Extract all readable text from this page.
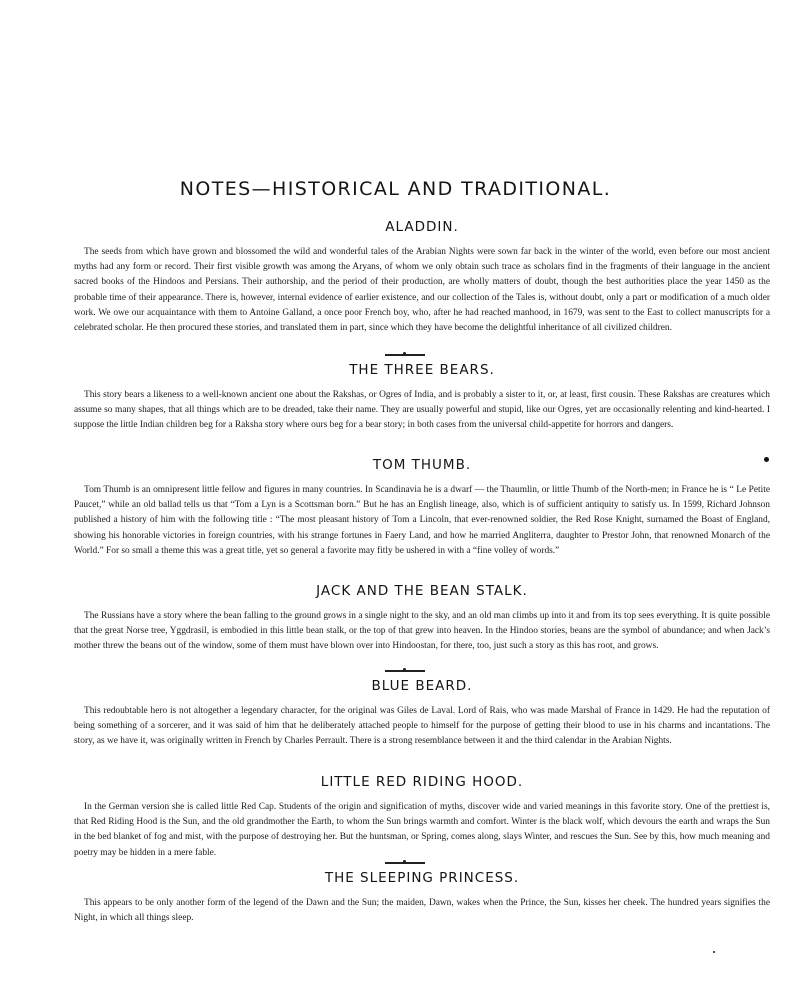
NOTES—HISTORICAL AND TRADITIONAL.
ALADDIN.

The seeds from which have grown and blossomed the wild and wonderful tales of the Arabian Nights were sown far back in the winter of the world, even before our most ancient myths had any form or record. Their first visible growth was among the Aryans, of whom we only obtain such trace as scholars find in the fragments of their language in the ancient sacred books of the Hindoos and Persians. Their authorship, and the period of their production, are wholly matters of doubt, though the best authorities place the year 1450 as the probable time of their appearance. There is, however, internal evidence of earlier existence, and our collection of the Tales is, without doubt, only a part or modification of a much older work. We owe our acquaintance with them to Antoine Galland, a once poor French boy, who, after he had reached manhood, in 1679, was sent to the East to collect manuscripts for a celebrated scholar. He then procured these stories, and translated them in part, since which they have become the delightful inheritance of all civilized children.

THE THREE BEARS.

This story bears a likeness to a well-known ancient one about the Rakshas, or Ogres of India, and is probably a sister to it, or, at least, first cousin. These Rakshas are creatures which assume so many shapes, that all things which are to be dreaded, take their name. They are usually powerful and stupid, like our Ogres, yet are occasionally relenting and kind-hearted. I suppose the little Indian children beg for a Raksha story where ours beg for a bear story; in both cases from the universal child-appetite for horrors and dangers.

TOM THUMB.

Tom Thumb is an omnipresent little fellow and figures in many countries. In Scandinavia he is a dwarf — the Thaumlin, or little Thumb of the North-men; in France he is “ Le Petite Paucet,” while an old ballad tells us that “Tom a Lyn is a Scottsman born.” But he has an English lineage, also, which is of sufficient antiquity to satisfy us. In 1599, Richard Johnson published a history of him with the following title : “The most pleasant history of Tom a Lincoln, that ever-renowned soldier, the Red Rose Knight, surnamed the Boast of England, showing his honorable victories in foreign countries, with his strange fortunes in Faery Land, and how he married Angliterra, daughter to Prestor John, that renowned Monarch of the World.” For so small a theme this was a great title, yet so general a favorite may fitly be ushered in with a “fine volley of words.”

JACK AND THE BEAN STALK.

The Russians have a story where the bean falling to the ground grows in a single night to the sky, and an old man climbs up into it and from its top sees everything. It is quite possible that the great Norse tree, Yggdrasil, is embodied in this little bean stalk, or the top of that grew into heaven. In the Hindoo stories, beans are the symbol of abundance; and when Jack’s mother threw the beans out of the window, some of them must have blown over into Hindoostan, for there, too, just such a story as this has root, and grows.

BLUE BEARD.

This redoubtable hero is not altogether a legendary character, for the original was Giles de Laval. Lord of Rais, who was made Marshal of France in 1429. He had the reputation of being something of a sorcerer, and it was said of him that he deliberately attached people to himself for the purpose of getting their blood to use in his charms and incantations. The story, as we have it, was originally written in French by Charles Perrault. There is a strong resemblance between it and the third calendar in the Arabian Nights.

LITTLE RED RIDING HOOD.

In the German version she is called little Red Cap. Students of the origin and signification of myths, discover wide and varied meanings in this favorite story. One of the prettiest is, that Red Riding Hood is the Sun, and the old grandmother the Earth, to whom the Sun brings warmth and comfort. Winter is the black wolf, which devours the earth and wraps the Sun in the bed blanket of fog and mist, with the purpose of destroying her. But the huntsman, or Spring, comes along, slays Winter, and rescues the Sun. See by this, how much meaning and poetry may be hidden in a mere fable.

THE SLEEPING PRINCESS.

This appears to be only another form of the legend of the Dawn and the Sun; the maiden, Dawn, wakes when the Prince, the Sun, kisses her cheek. The hundred years signifies the Night, in which all things sleep.
